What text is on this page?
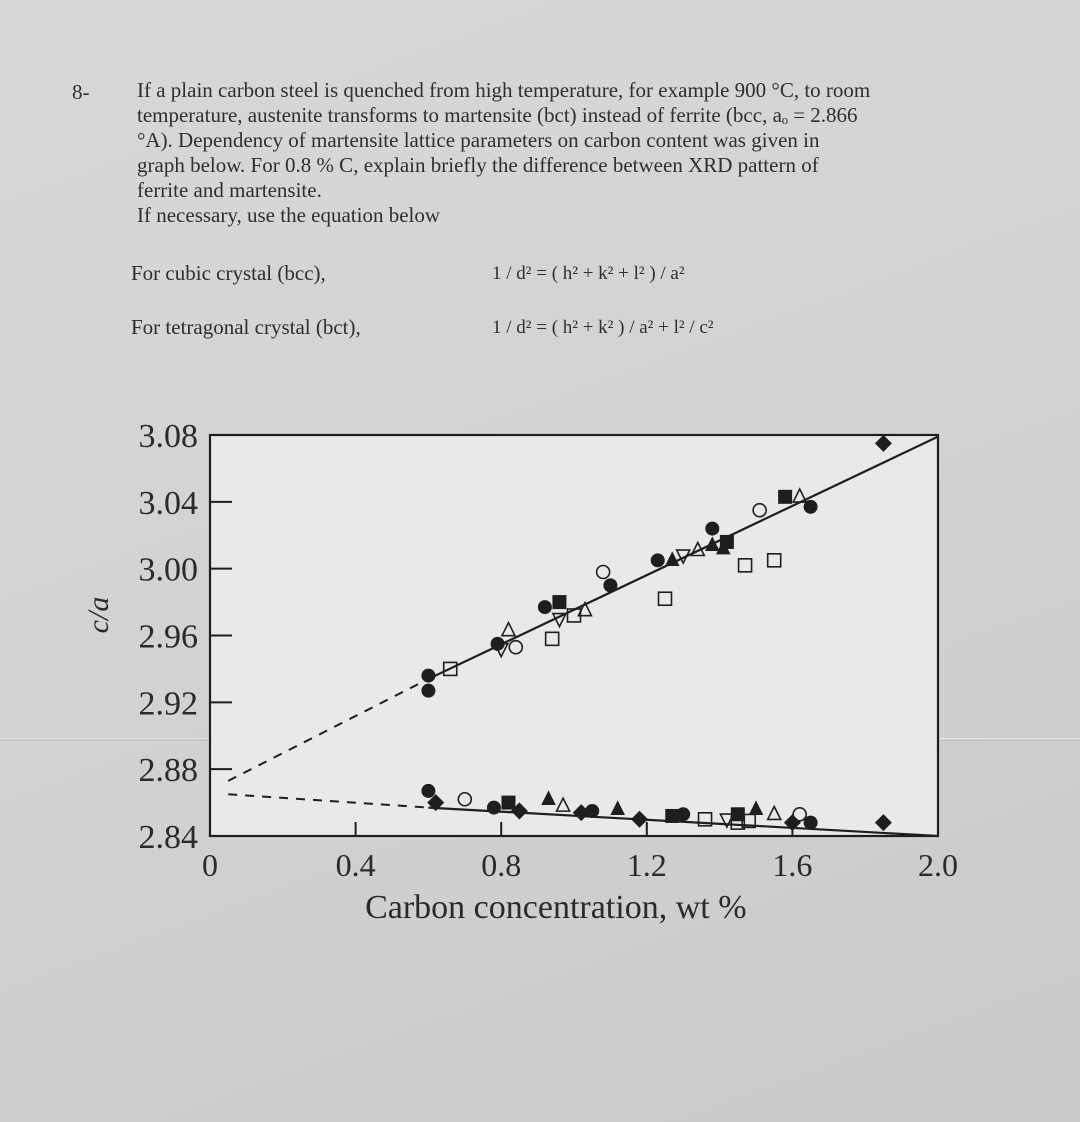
8- If a plain carbon steel is quenched from high temperature, for example 900 °C, to room
temperature, austenite transforms to martensite (bct) instead of ferrite (bcc, aₒ = 2.866
°A). Dependency of martensite lattice parameters on carbon content was given in
graph below. For 0.8 % C, explain briefly the difference between XRD pattern of
ferrite and martensite.
If necessary, use the equation below

For cubic crystal (bcc),	1 / d² = ( h² + k² + l² ) / a²
For tetragonal crystal (bct),	1 / d² = ( h² + k² ) / a² + l² / c²
3.08
3.04
3.00
2.96
2.92
2.88
2.84
0	0.4	0.8	1.2	1.6	2.0
Carbon concentration, wt %
c/a
